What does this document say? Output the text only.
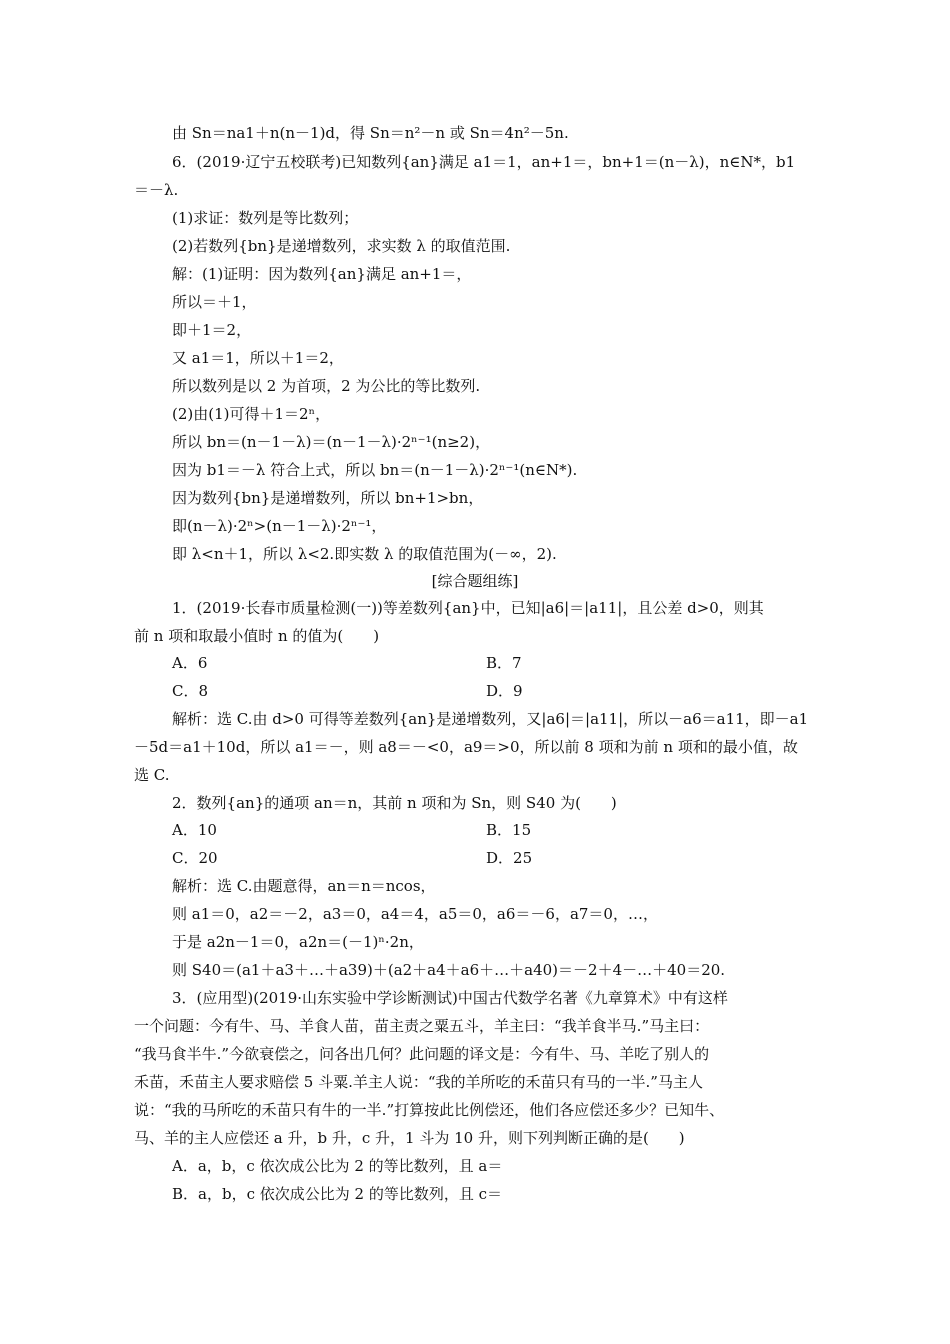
由 Sn＝na1＋n(n－1)d，得 Sn＝n²－n 或 Sn＝4n²－5n.
6．(2019·辽宁五校联考)已知数列{an}满足 a1＝1，an+1＝，bn+1＝(n－λ)，n∈N*，b1
＝－λ.
(1)求证：数列是等比数列；
(2)若数列{bn}是递增数列，求实数 λ 的取值范围.
解：(1)证明：因为数列{an}满足 an+1＝，
所以＝＋1，
即＋1＝2，
又 a1＝1，所以＋1＝2，
所以数列是以 2 为首项，2 为公比的等比数列.
(2)由(1)可得＋1＝2ⁿ，
所以 bn＝(n－1－λ)＝(n－1－λ)·2ⁿ⁻¹(n≥2)，
因为 b1＝－λ 符合上式，所以 bn＝(n－1－λ)·2ⁿ⁻¹(n∈N*).
因为数列{bn}是递增数列，所以 bn+1>bn，
即(n－λ)·2ⁿ>(n－1－λ)·2ⁿ⁻¹，
即 λ<n＋1，所以 λ<2.即实数 λ 的取值范围为(－∞，2).
[综合题组练]
1．(2019·长春市质量检测(一))等差数列{an}中，已知|a6|＝|a11|，且公差 d>0，则其
前 n 项和取最小值时 n 的值为(　　)
A．6	B．7
C．8	D．9
解析：选 C.由 d>0 可得等差数列{an}是递增数列，又|a6|＝|a11|，所以－a6＝a11，即－a1
－5d＝a1＋10d，所以 a1＝－，则 a8＝－<0，a9＝>0，所以前 8 项和为前 n 项和的最小值，故
选 C.
2．数列{an}的通项 an＝n，其前 n 项和为 Sn，则 S40 为(　　)
A．10	B．15
C．20	D．25
解析：选 C.由题意得，an＝n＝ncos，
则 a1＝0，a2＝－2，a3＝0，a4＝4，a5＝0，a6＝－6，a7＝0，…，
于是 a2n－1＝0，a2n＝(－1)ⁿ·2n，
则 S40＝(a1＋a3＋…＋a39)＋(a2＋a4＋a6＋…＋a40)＝－2＋4－…＋40＝20.
3．(应用型)(2019·山东实验中学诊断测试)中国古代数学名著《九章算术》中有这样
一个问题：今有牛、马、羊食人苗，苗主责之粟五斗，羊主曰：“我羊食半马.”马主曰：
“我马食半牛.”今欲衰偿之，问各出几何？此问题的译文是：今有牛、马、羊吃了别人的
禾苗，禾苗主人要求赔偿 5 斗粟.羊主人说：“我的羊所吃的禾苗只有马的一半.”马主人
说：“我的马所吃的禾苗只有牛的一半.”打算按此比例偿还，他们各应偿还多少？已知牛、
马、羊的主人应偿还 a 升，b 升，c 升，1 斗为 10 升，则下列判断正确的是(　　)
A．a，b，c 依次成公比为 2 的等比数列，且 a＝
B．a，b，c 依次成公比为 2 的等比数列，且 c＝
